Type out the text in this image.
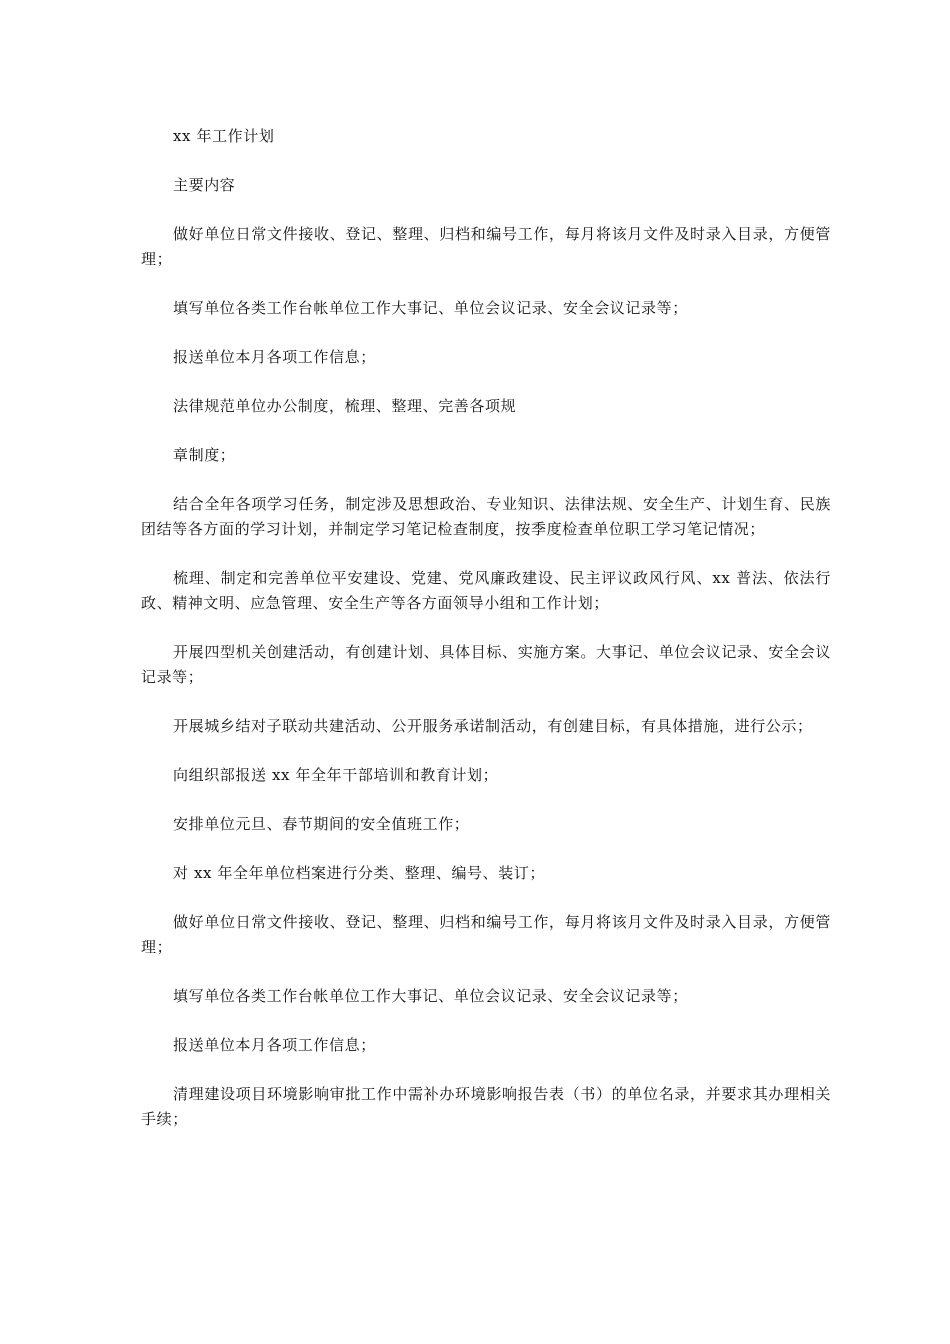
xx 年工作计划

主要内容

做好单位日常文件接收、登记、整理、归档和编号工作，每月将该月文件及时录入目录，方便管理；

填写单位各类工作台帐单位工作大事记、单位会议记录、安全会议记录等；

报送单位本月各项工作信息；

法律规范单位办公制度，梳理、整理、完善各项规

章制度；

结合全年各项学习任务，制定涉及思想政治、专业知识、法律法规、安全生产、计划生育、民族团结等各方面的学习计划，并制定学习笔记检查制度，按季度检查单位职工学习笔记情况；

梳理、制定和完善单位平安建设、党建、党风廉政建设、民主评议政风行风、xx 普法、依法行政、精神文明、应急管理、安全生产等各方面领导小组和工作计划；

开展四型机关创建活动，有创建计划、具体目标、实施方案。大事记、单位会议记录、安全会议记录等；

开展城乡结对子联动共建活动、公开服务承诺制活动，有创建目标，有具体措施，进行公示；

向组织部报送 xx 年全年干部培训和教育计划；

安排单位元旦、春节期间的安全值班工作；

对 xx 年全年单位档案进行分类、整理、编号、装订；

做好单位日常文件接收、登记、整理、归档和编号工作，每月将该月文件及时录入目录，方便管理；

填写单位各类工作台帐单位工作大事记、单位会议记录、安全会议记录等；

报送单位本月各项工作信息；

清理建设项目环境影响审批工作中需补办环境影响报告表（书）的单位名录，并要求其办理相关手续；
